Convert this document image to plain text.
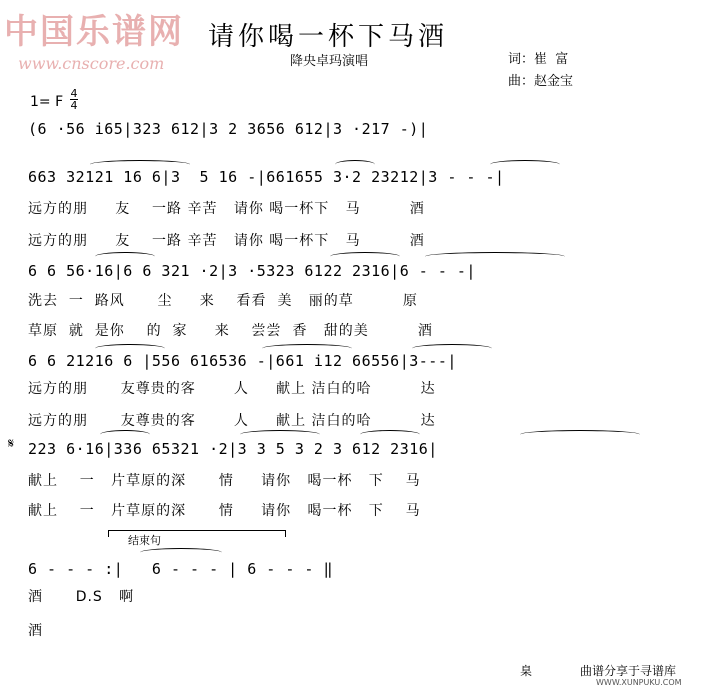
中国乐谱网
www.cnscore.com
请你喝一杯下马酒
降央卓玛演唱	词：崔  富
曲：赵金宝
1= F
4
4
(6 ·56 i65|323 612|3 2 3656 612|3 ·217 -)|
663 32121 16 6|3  5 16 -|661655 3·2 23212|3 - - -|
远方的朋     友    一路 辛苦   请你 喝一杯下   马         酒
远方的朋     友    一路 辛苦   请你 喝一杯下   马         酒
6 6 56·16|6 6 321 ·2|3 ·5323 6122 2316|6 - - -|
洗去  一  路风      尘     来    看看  美   丽的草         原
草原  就  是你    的  家     来    尝尝  香   甜的美         酒
6 6 21216 6 |556 616536 -|661 i12 66556|3---|
远方的朋      友尊贵的客       人     献上 洁白的哈         达
远方的朋      友尊贵的客       人     献上 洁白的哈         达
𝄋 223 6·16|336 65321 ·2|3 3 5 3 2 3 612 2316|
献上    一   片草原的深      情     请你   喝一杯   下    马
献上    一   片草原的深      情     请你   喝一杯   下    马
结束句
6 - - - :|   6 - - - | 6 - - - ‖
酒      D.S   啊
酒
臬	曲谱分享于寻谱库
WWW.XUNPUKU.COM
